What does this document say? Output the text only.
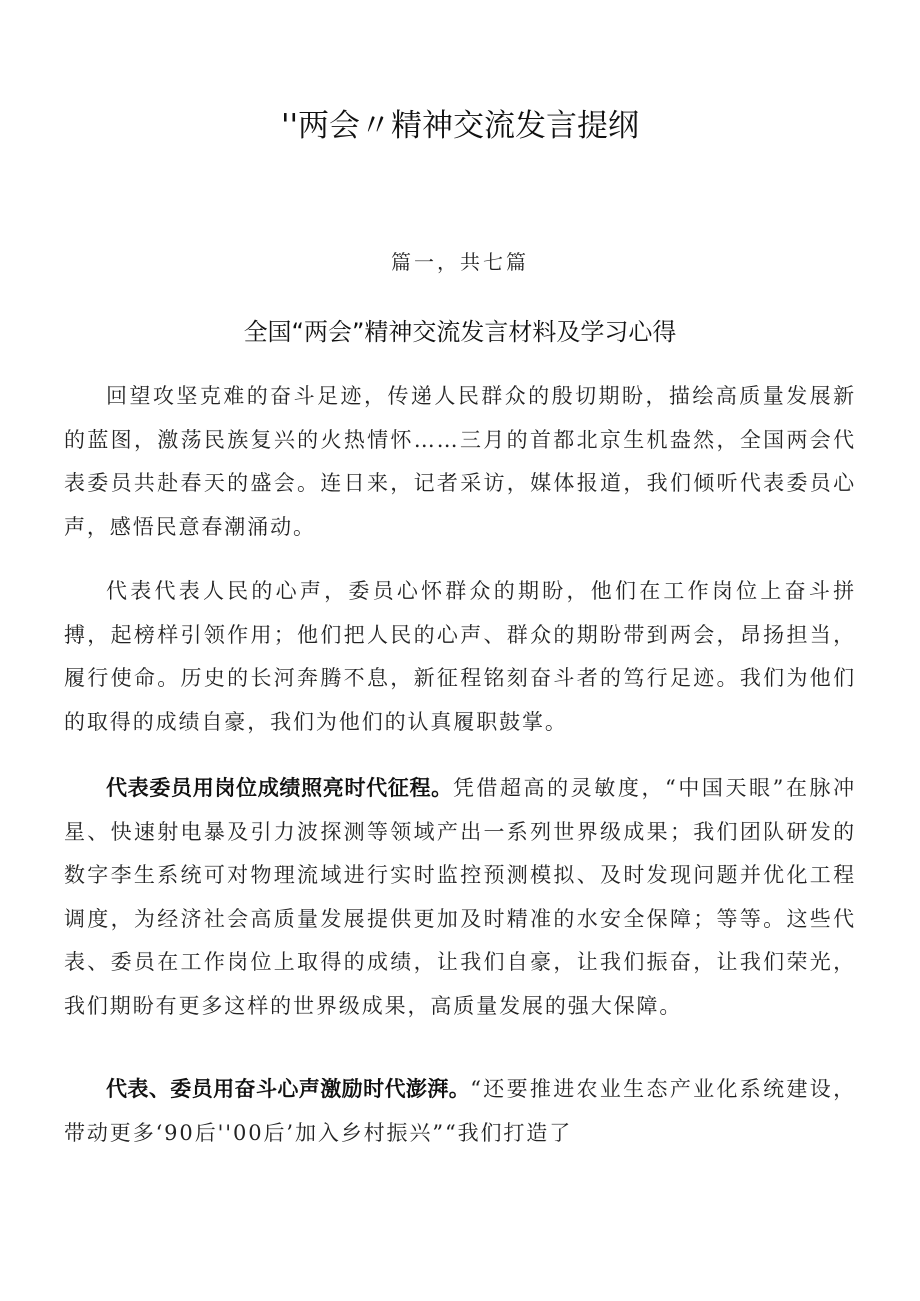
''两会〃精神交流发言提纲
篇一，共七篇
全国“两会”精神交流发言材料及学习心得

回望攻坚克难的奋斗足迹，传递人民群众的殷切期盼，描绘高质量发展新的蓝图，激荡民族复兴的火热情怀……三月的首都北京生机盎然，全国两会代表委员共赴春天的盛会。连日来，记者采访，媒体报道，我们倾听代表委员心声，感悟民意春潮涌动。

代表代表人民的心声，委员心怀群众的期盼，他们在工作岗位上奋斗拼搏，起榜样引领作用；他们把人民的心声、群众的期盼带到两会，昂扬担当，履行使命。历史的长河奔腾不息，新征程铭刻奋斗者的笃行足迹。我们为他们的取得的成绩自豪，我们为他们的认真履职鼓掌。

代表委员用岗位成绩照亮时代征程。凭借超高的灵敏度，“中国天眼”在脉冲星、快速射电暴及引力波探测等领域产出一系列世界级成果；我们团队研发的数字李生系统可对物理流域进行实时监控预测模拟、及时发现问题并优化工程调度，为经济社会高质量发展提供更加及时精准的水安全保障；等等。这些代表、委员在工作岗位上取得的成绩，让我们自豪，让我们振奋，让我们荣光，我们期盼有更多这样的世界级成果，高质量发展的强大保障。

代表、委员用奋斗心声激励时代澎湃。“还要推进农业生态产业化系统建设，带动更多‘90后''00后’加入乡村振兴”“我们打造了
